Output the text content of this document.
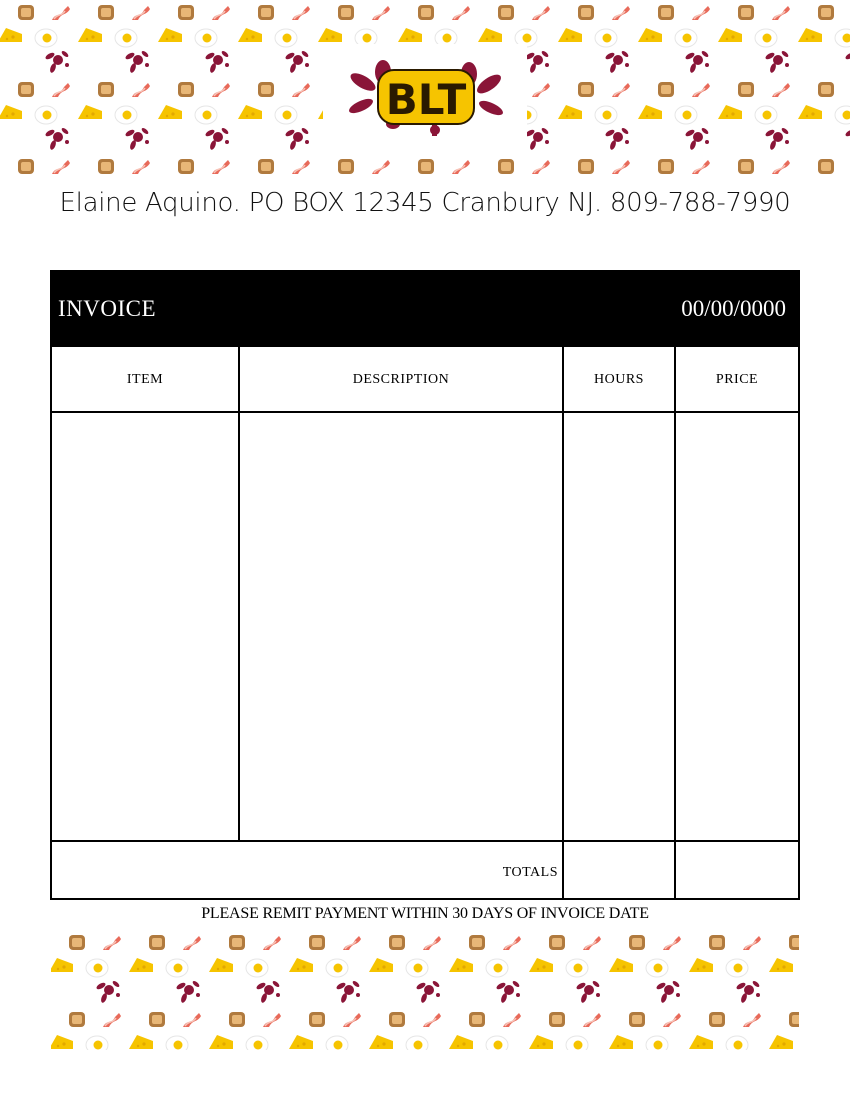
BLT
Elaine Aquino. PO BOX 12345 Cranbury NJ. 809-788-7990
INVOICE	00/00/0000
ITEM	DESCRIPTION	HOURS	PRICE
TOTALS
PLEASE REMIT PAYMENT WITHIN 30 DAYS OF INVOICE DATE
